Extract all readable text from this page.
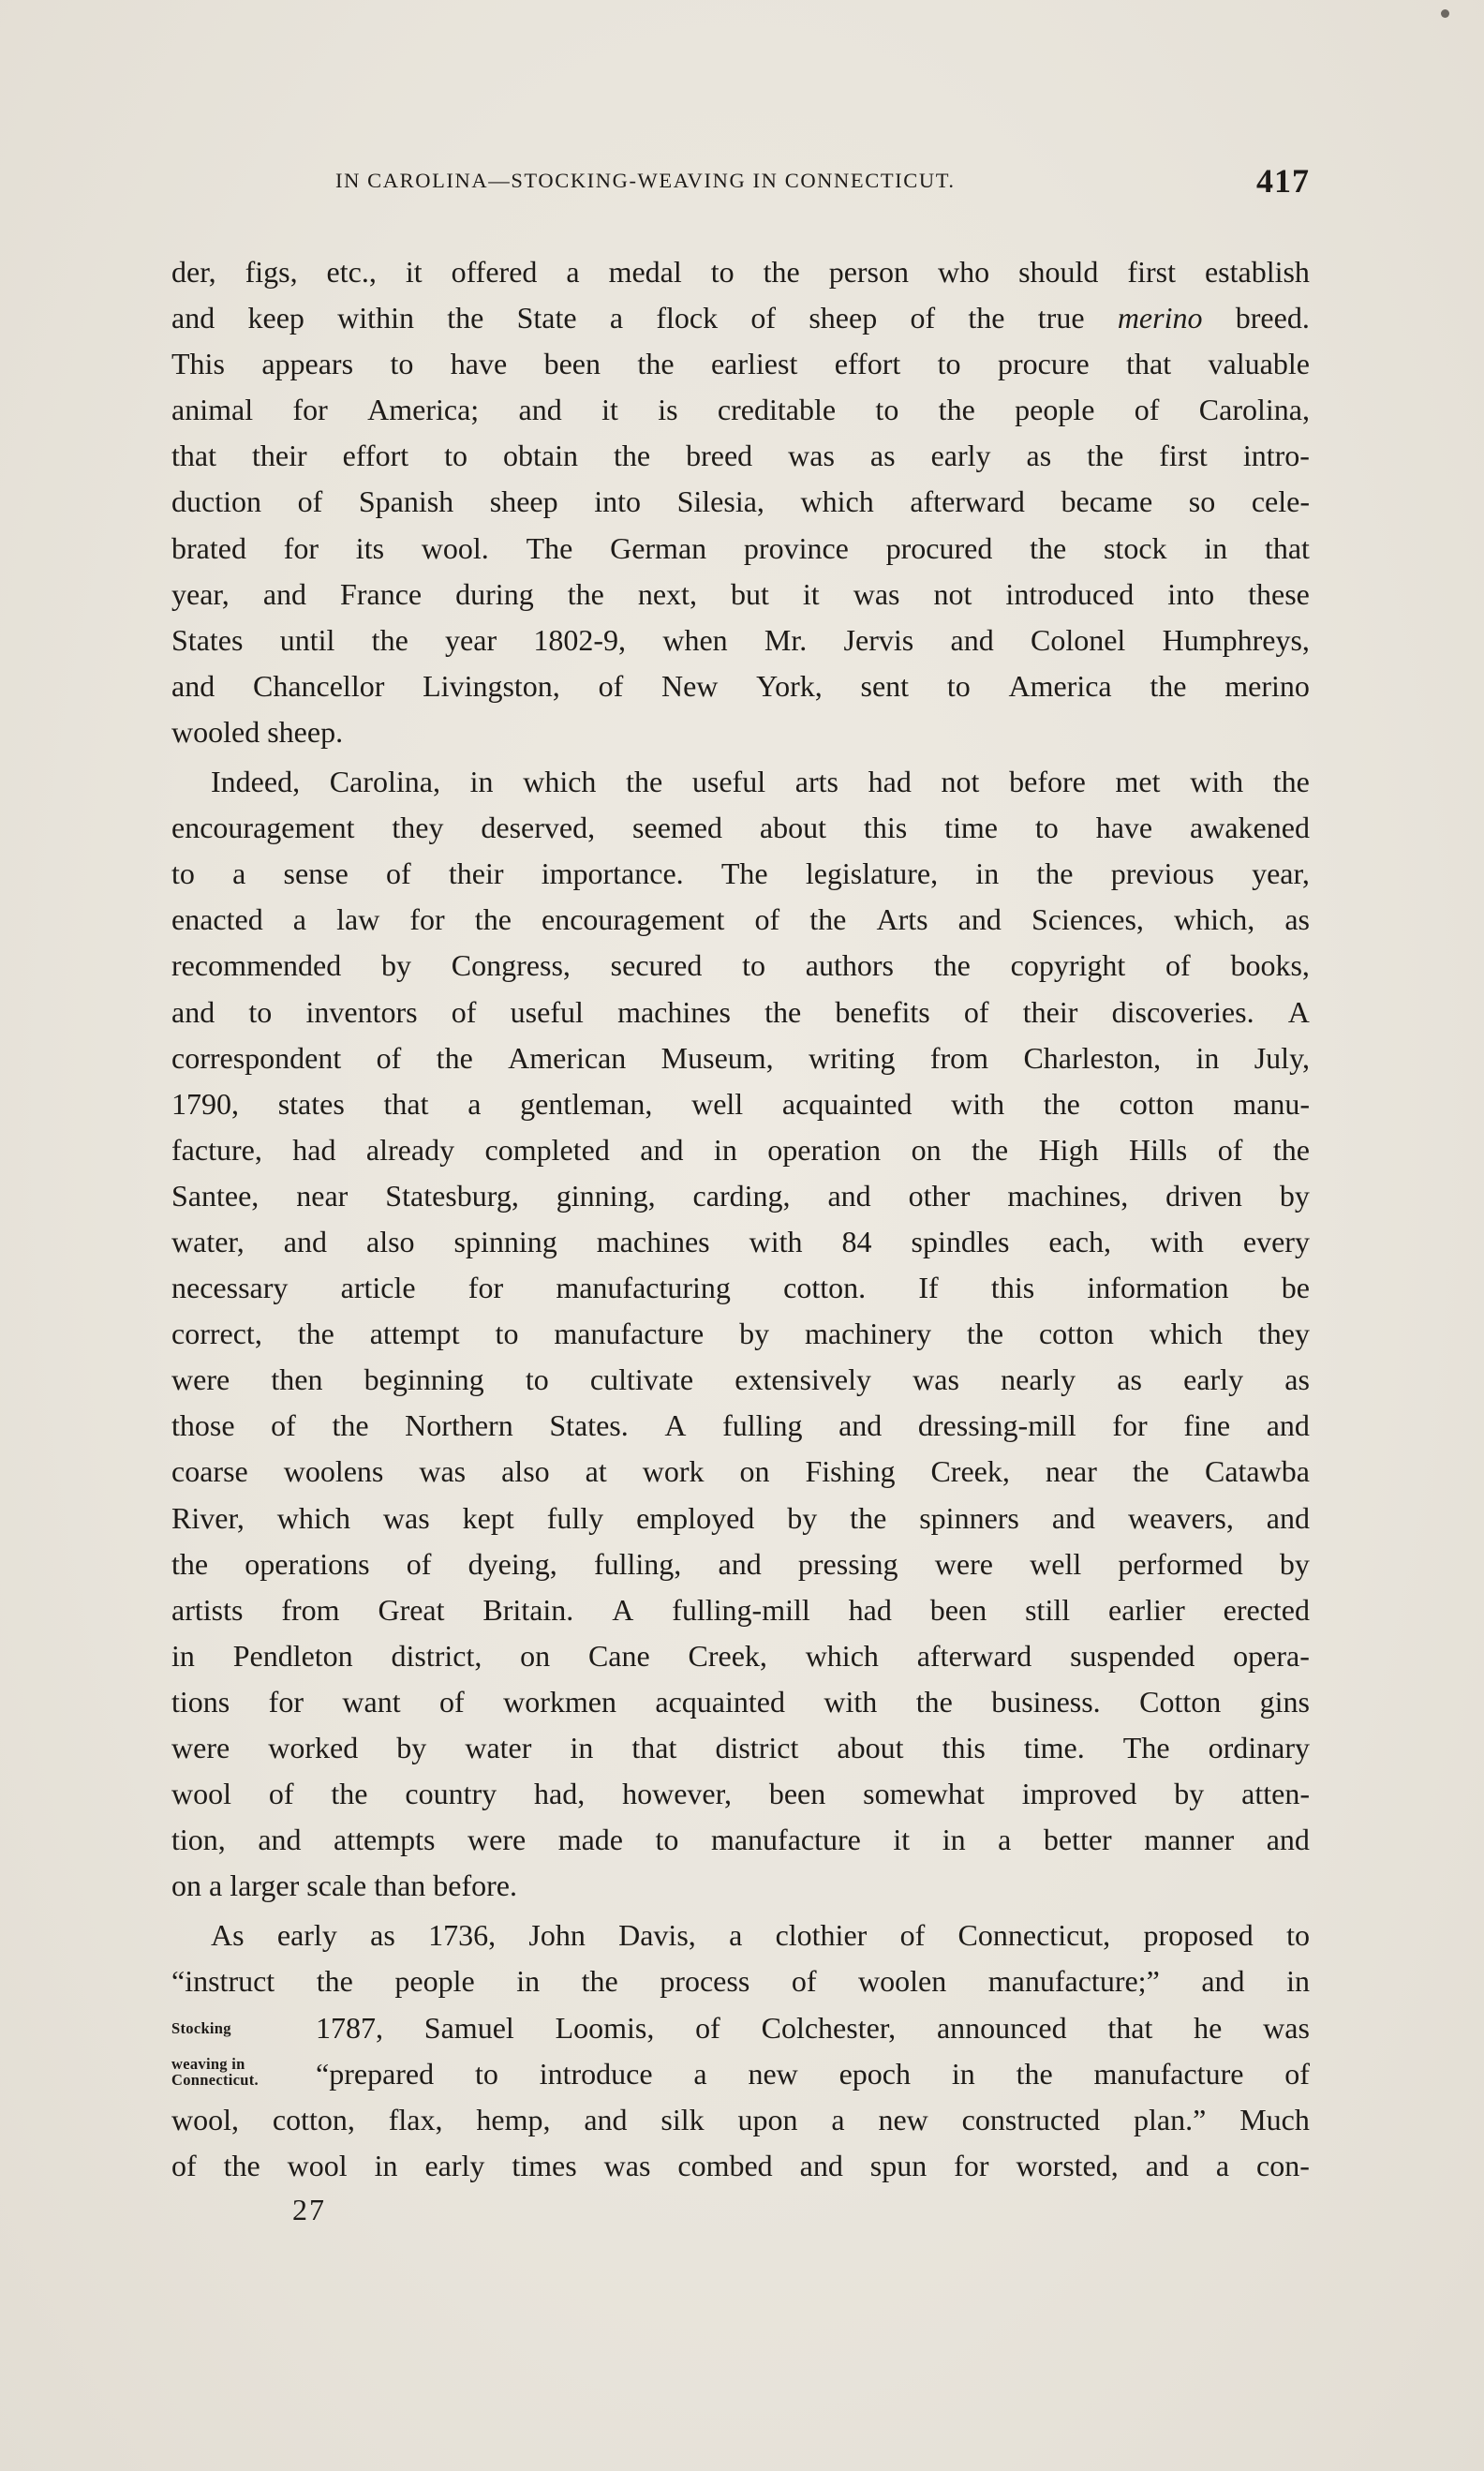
IN CAROLINA—STOCKING-WEAVING IN CONNECTICUT.	417
der, figs, etc., it offered a medal to the person who should first establish
and keep within the State a flock of sheep of the true merino breed.
This appears to have been the earliest effort to procure that valuable
animal for America; and it is creditable to the people of Carolina,
that their effort to obtain the breed was as early as the first intro-
duction of Spanish sheep into Silesia, which afterward became so cele-
brated for its wool. The German province procured the stock in that
year, and France during the next, but it was not introduced into these
States until the year 1802-9, when Mr. Jervis and Colonel Humphreys,
and Chancellor Livingston, of New York, sent to America the merino
wooled sheep.
Indeed, Carolina, in which the useful arts had not before met with the
encouragement they deserved, seemed about this time to have awakened
to a sense of their importance. The legislature, in the previous year,
enacted a law for the encouragement of the Arts and Sciences, which, as
recommended by Congress, secured to authors the copyright of books,
and to inventors of useful machines the benefits of their discoveries. A
correspondent of the American Museum, writing from Charleston, in July,
1790, states that a gentleman, well acquainted with the cotton manu-
facture, had already completed and in operation on the High Hills of the
Santee, near Statesburg, ginning, carding, and other machines, driven by
water, and also spinning machines with 84 spindles each, with every
necessary article for manufacturing cotton. If this information be
correct, the attempt to manufacture by machinery the cotton which they
were then beginning to cultivate extensively was nearly as early as
those of the Northern States. A fulling and dressing-mill for fine and
coarse woolens was also at work on Fishing Creek, near the Catawba
River, which was kept fully employed by the spinners and weavers, and
the operations of dyeing, fulling, and pressing were well performed by
artists from Great Britain. A fulling-mill had been still earlier erected
in Pendleton district, on Cane Creek, which afterward suspended opera-
tions for want of workmen acquainted with the business. Cotton gins
were worked by water in that district about this time. The ordinary
wool of the country had, however, been somewhat improved by atten-
tion, and attempts were made to manufacture it in a better manner and
on a larger scale than before.
As early as 1736, John Davis, a clothier of Connecticut, proposed to
“instruct the people in the process of woolen manufacture;” and in
Stocking	1787, Samuel Loomis, of Colchester, announced that he was
weaving in
Connecticut. “prepared to introduce a new epoch in the manufacture of
wool, cotton, flax, hemp, and silk upon a new constructed plan.” Much
of the wool in early times was combed and spun for worsted, and a con-
27
